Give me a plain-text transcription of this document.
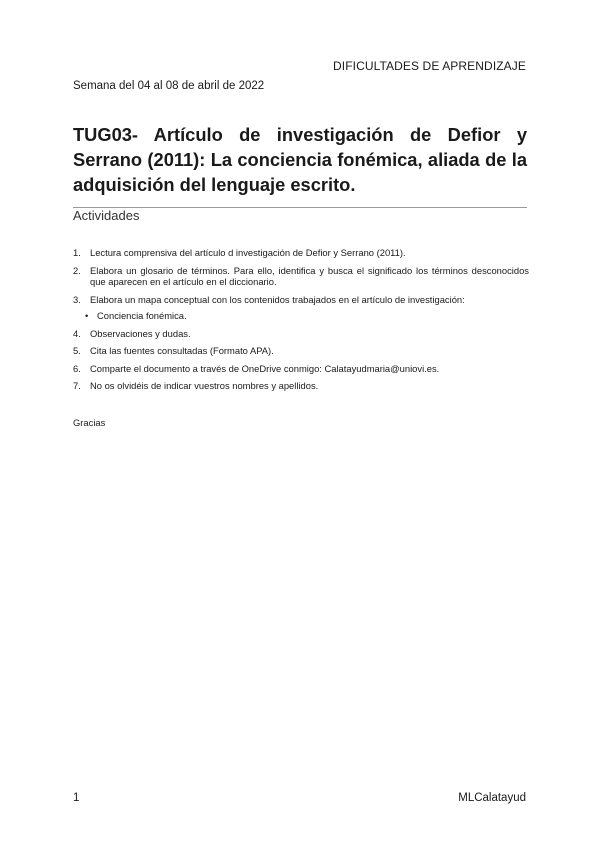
DIFICULTADES DE APRENDIZAJE
Semana del 04 al 08 de abril de 2022
TUG03- Artículo de investigación de Defior y Serrano (2011): La conciencia fonémica, aliada de la adquisición del lenguaje escrito.
Actividades
1. Lectura comprensiva del artículo d investigación de Defior y Serrano (2011).
2. Elabora un glosario de términos. Para ello, identifica y busca el significado los términos desconocidos que aparecen en el artículo en el diccionario.
3. Elabora un mapa conceptual con los contenidos trabajados en el artículo de investigación:
• Conciencia fonémica.
4. Observaciones y dudas.
5. Cita las fuentes consultadas (Formato APA).
6. Comparte el documento a través de OneDrive conmigo: Calatayudmaria@uniovi.es.
7. No os olvidéis de indicar vuestros nombres y apellidos.
Gracias
1	MLCalatayud
